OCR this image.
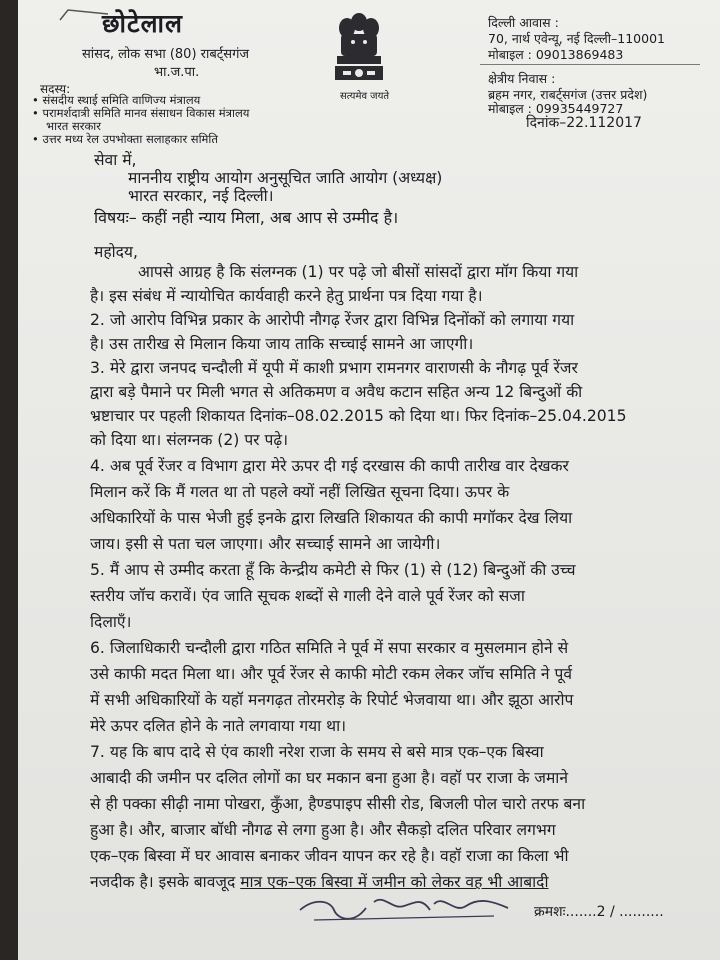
छोटेलाल
सांसद, लोक सभा (80) राबर्ट्सगंज
भा.ज.पा.
सदस्य:
• संसदीय स्थाई समिति वाणिज्य मंत्रालय
• परामर्शदात्री समिति मानव संसाधन विकास मंत्रालय
भारत सरकार
• उत्तर मध्य रेल उपभोक्ता सलाहकार समिति
सत्यमेव जयते
दिल्ली आवास :
70, नार्थ एवेन्यू, नई दिल्ली–110001
मोबाइल : 09013869483
क्षेत्रीय निवास :
ब्रहम नगर, राबर्ट्सगंज (उत्तर प्रदेश)
मोबाइल : 09935449727
दिनांक–22.112017
सेवा में,
माननीय राष्ट्रीय आयोग अनुसूचित जाति आयोग (अध्यक्ष)
भारत सरकार, नई दिल्ली।
विषयः– कहीं नही न्याय मिला, अब आप से उम्मीद है।
महोदय,
आपसे आग्रह है कि संलग्नक (1) पर पढ़े जो बीसों सांसदों द्वारा मॉग किया गया
है। इस संबंध में न्यायोचित कार्यवाही करने हेतु प्रार्थना पत्र दिया गया है।
2. जो आरोप विभिन्न प्रकार के आरोपी नौगढ़ रेंजर द्वारा विभिन्न दिनोंकों को लगाया गया
है। उस तारीख से मिलान किया जाय ताकि सच्चाई सामने आ जाएगी।
3. मेरे द्वारा जनपद चन्दौली में यूपी में काशी प्रभाग रामनगर वाराणसी के नौगढ़ पूर्व रेंजर
द्वारा बड़े पैमाने पर मिली भगत से अतिकमण व अवैध कटान सहित अन्य 12 बिन्दुओं की
भ्रष्टाचार पर पहली शिकायत दिनांक–08.02.2015 को दिया था। फिर दिनांक–25.04.2015
को दिया था। संलग्नक (2) पर पढ़े।
4. अब पूर्व रेंजर व विभाग द्वारा मेरे ऊपर दी गई दरखास की कापी तारीख वार देखकर
मिलान करें कि मैं गलत था तो पहले क्यों नहीं लिखित सूचना दिया। ऊपर के
अधिकारियों के पास भेजी हुई इनके द्वारा लिखति शिकायत की कापी मगॉकर देख लिया
जाय। इसी से पता चल जाएगा। और सच्चाई सामने आ जायेगी।
5. मैं आप से उम्मीद करता हूँ कि केन्द्रीय कमेटी से फिर (1) से (12) बिन्दुओं की उच्च
स्तरीय जॉच करावें। एंव जाति सूचक शब्दों से गाली देने वाले पूर्व रेंजर को सजा
दिलाएँ।
6. जिलाधिकारी चन्दौली द्वारा गठित समिति ने पूर्व में सपा सरकार व मुसलमान होने से
उसे काफी मदत मिला था। और पूर्व रेंजर से काफी मोटी रकम लेकर जॉच समिति ने पूर्व
में सभी अधिकारियों के यहॉ मनगढ़त तोरमरोड़ के रिपोर्ट भेजवाया था। और झूठा आरोप
मेरे ऊपर दलित होने के नाते लगवाया गया था।
7. यह कि बाप दादे से एंव काशी नरेश राजा के समय से बसे मात्र एक–एक बिस्वा
आबादी की जमीन पर दलित लोगों का घर मकान बना हुआ है। वहॉ पर राजा के जमाने
से ही पक्का सीढ़ी नामा पोखरा, कुँआ, हैण्डपाइप सीसी रोड, बिजली पोल चारो तरफ बना
हुआ है। और, बाजार बॉधी नौगढ से लगा हुआ है। और सैकड़ो दलित परिवार लगभग
एक–एक बिस्वा में घर आवास बनाकर जीवन यापन कर रहे है। वहॉ राजा का किला भी
नजदीक है। इसके बावजूद मात्र एक–एक बिस्वा में जमीन को लेकर वह भी आबादी
क्रमशः.......2 / ..........
